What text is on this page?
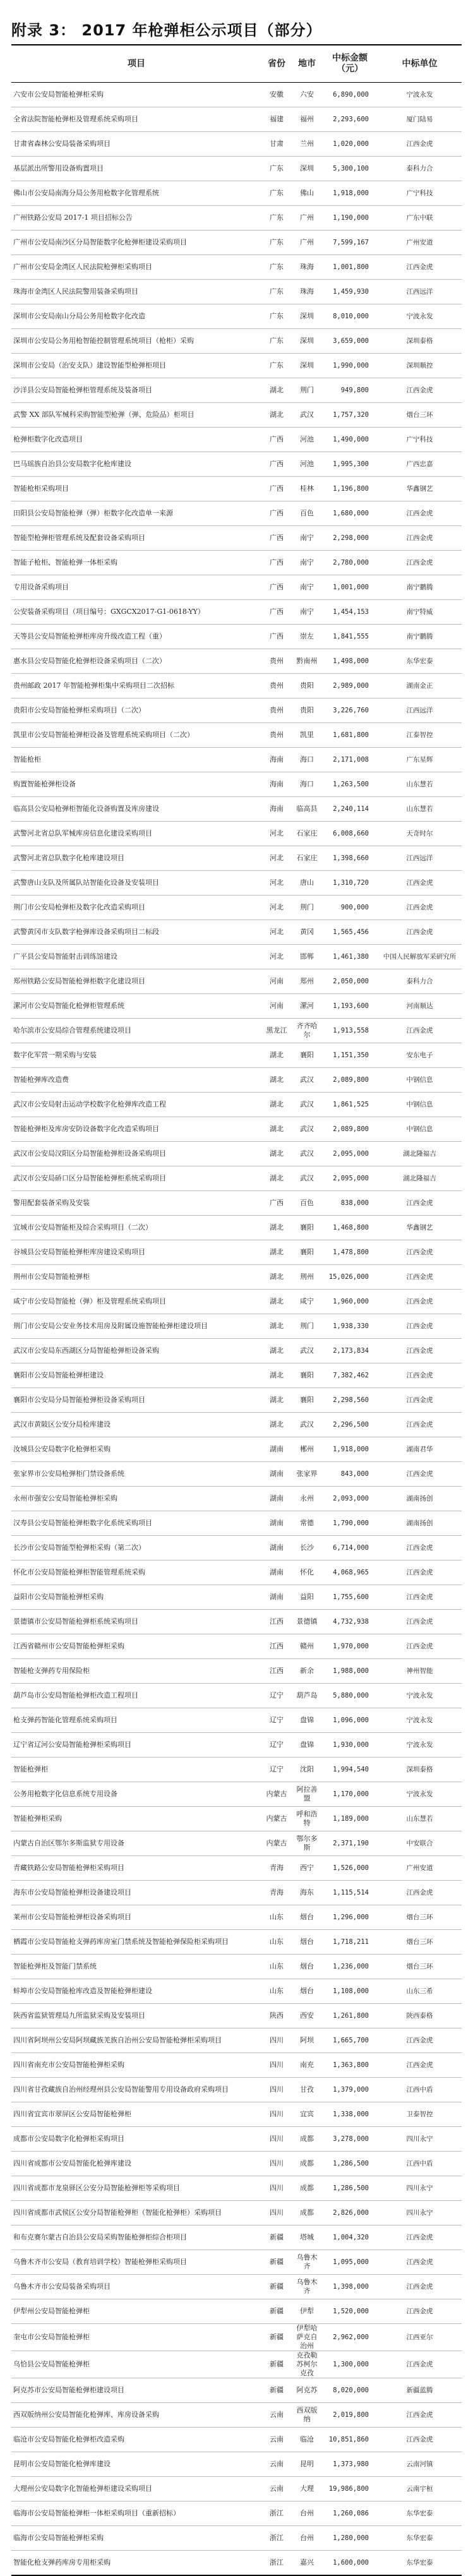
附录 3： 2017 年枪弹柜公示项目（部分）
项目	省份	地市	中标金额（元）	中标单位
六安市公安局智能枪弹柜采购	安徽	六安	6,890,000	宁波永发
全省法院智能枪弹柜及管理系统采购项目	福建	福州	2,293,600	厦门陆易
甘肃省森林公安局装备采购项目	甘肃	兰州	1,020,000	江西金虎
基层派出所警用设备购置项目	广东	深圳	5,300,100	泰科力合
佛山市公安局南海分局公务用枪数字化管理系统	广东	佛山	1,918,000	广宁科技
广州铁路公安局 2017-1 项目招标公告	广东	广州	1,190,000	广东中联
广州市公安局南沙区分局智能数字化枪弹柜建设采购项目	广东	广州	7,599,167	广州安道
广州市公安局金湾区人民法院枪弹柜采购项目	广东	珠海	1,001,800	江西金虎
珠海市金湾区人民法院警用装备采购项目	广东	珠海	1,459,930	江西远洋
深圳市公安局南山分局公务用枪数字化改造	广东	深圳	8,010,000	宁波永发
深圳市公安局公务用枪智能控制管理系统项目（枪柜）采购	广东	深圳	3,659,000	深圳泰格
深圳市公安局（治安支队）建设智能型枪弹柜项目	广东	深圳	1,990,000	深圳顺控
沙洋县公安局智能枪弹柜管理系统及装备项目	湖北	荆门	949,800	江西金虎
武警 XX 部队军械科采购智能型枪弹（弹、危险品）柜项目	湖北	武汉	1,757,320	烟台三环
枪弹柜数字化改造项目	广西	河池	1,490,000	广宁科技
巴马瑶族自治县公安局数字化枪库建设	广西	河池	1,995,300	广西忠嘉
智能枪柜采购项目	广西	桂林	1,196,800	华鑫钢艺
田阳县公安局智能枪弹（弹）柜数字化改造单一来源	广西	百色	1,680,000	江西金虎
智能型枪弹柜管理系统及配套设备采购项目	广西	南宁	2,298,000	江西金虎
智能子枪柜、智能枪弹一体柜采购	广西	南宁	2,780,000	江西金虎
专用设备采购项目	广西	南宁	1,001,000	南宁鹏腾
公安装备采购项目（项目编号：GXGCX2017-G1-0618-YY）	广西	南宁	1,454,153	南宁特威
天等县公安局智能枪弹柜库房升级改造工程（重）	广西	崇左	1,841,555	南宁鹏腾
惠水县公安局智能化枪弹柜设备采购项目（二次）	贵州	黔南州	1,498,000	东华宏泰
贵州邮政 2017 年智能枪弹柜集中采购项目二次招标	贵州	贵阳	2,989,000	湖南金正
贵阳市公安局智能枪弹柜采购项目（二次）	贵州	贵阳	3,226,760	江西远洋
凯里市公安局智能枪弹柜设备及管理系统采购项目（二次）	贵州	凯里	1,681,800	江泰智控
智能枪柜	海南	海口	2,171,008	广东星辉
购置智能枪弹柜设备	海南	海口	1,263,500	山东慧若
临高县公安局枪弹柜智能化设备购置及库房建设	海南	临高县	2,240,114	山东慧若
武警河北省总队军械库房信息化建设采购项目	河北	石家庄	6,008,660	天奇时尔
武警河北省总队数字化枪库建设项目	河北	石家庄	1,398,660	江西远洋
武警唐山支队及所属队站智能化设备及安装项目	河北	唐山	1,310,720	江西金虎
荆门市公安局枪弹柜及数字化改造采购项目	河北	荆门	900,000	江西金虎
武警黄冈市支队数字枪弹库设备采购项目二标段	河北	黄冈	1,565,456	江西金虎
广平县公安局智能射击训练馆建设	河北	邯郸	1,461,380	中国人民解放军采研究所
郑州铁路公安局智能枪弹柜数字化建设项目	河南	郑州	2,050,000	泰科力合
漯河市公安局智能化枪弹柜管理系统	河南	漯河	1,193,600	河南顺达
哈尔滨市公安局综合管理系统建设项目	黑龙江	齐齐哈尔	1,913,558	江西金虎
数字化军营一期采购与安装	湖北	襄阳	1,151,350	安东电子
智能枪弹库改造费	湖北	武汉	2,089,800	中钢信息
武汉市公安局射击运动学校数字化枪弹库改造工程	湖北	武汉	1,861,525	中钢信息
智能枪弹柜及库房安防设备数字化改造采购项目	湖北	武汉	2,089,800	中钢信息
武汉市公安局汉阳区分局智能枪弹柜设备采购项目	湖北	武汉	2,095,000	湖北隆福吉
武汉市公安局硚口区分局智能枪弹柜系统采购项目	湖北	武汉	2,095,000	湖北隆福吉
警用配套装备采购及安装	广西	百色	838,000	江西金虎
宜城市公安局智能柜及综合采购项目（二次）	湖北	襄阳	1,468,800	华鑫钢艺
谷城县公安局智能枪弹柜库房建设采购项目	湖北	襄阳	1,478,800	江西金虎
荆州市公安局智能枪弹柜	湖北	荆州	15,026,000	江西金虎
咸宁市公安局智能枪（弹）柜及管理系统采购项目	湖北	咸宁	1,960,000	江西金虎
荆门市公安局公安业务技术用房及附属设施智能枪弹柜建设项目	湖北	荆门	1,938,330	江西金虎
武汉市公安局东西湖区分局智能枪弹柜设备采购	湖北	武汉	2,173,834	江西金虎
襄阳市公安局智能枪弹柜建设	湖北	襄阳	7,382,462	江西金虎
襄阳市公安局分局智能枪弹柜设备采购项目	湖北	襄阳	2,298,560	江西金虎
武汉市黄陂区公安分局检库建设	湖北	武汉	2,296,500	江西金虎
汝城县公安局数字化枪弹柜采购	湖南	郴州	1,918,000	湖南君华
张家界市公安局枪弹柜门禁设备系统	湖南	张家界	843,000	江西金虎
永州市强安公安局智能枪弹柜采购	湖南	永州	2,093,000	湖南扬创
汉寿县公安局智能枪弹柜数字化系统采购项目	湖南	常德	1,790,000	湖南扬创
长沙市公安局智能型枪弹柜采购（第二次）	湖南	长沙	6,714,000	江西金虎
怀化市公安局智能枪弹柜智能管理系统采购	湖南	怀化	4,068,965	江西金虎
益阳市公安局智能枪弹柜采购	湖南	益阳	1,755,600	江西金虎
景德镇市公安局智能枪弹柜系统采购项目	江西	景德镇	4,732,938	江西金虎
江西省赣州市公安局智能枪弹柜采购	江西	赣州	1,970,000	江西金虎
智能枪支弹药专用保险柜	江西	新余	1,988,000	神州智能
葫芦岛市公安局智能枪弹柜改造工程项目	辽宁	葫芦岛	5,880,000	宁波永发
枪支弹药智能化管理系统采购项目	辽宁	盘锦	1,096,000	宁波永发
辽宁省辽河公安局智能枪弹柜采购项目	辽宁	盘锦	1,930,000	宁波永发
智能枪弹柜	辽宁	沈阳	1,994,540	深圳泰格
公务用枪数字化信息系统专用设备	内蒙古	阿拉善盟	1,170,000	宁波永发
智能枪弹柜采购	内蒙古	呼和浩特	1,189,000	山东慧若
内蒙古自治区鄂尔多斯监狱专用设备	内蒙古	鄂尔多斯	2,371,190	中安联合
青藏铁路公安局智能枪弹柜采购项目	青海	西宁	1,526,000	广州安道
海东市公安局智能枪弹柜设备建设项目	青海	海东	1,115,514	江西金虎
莱州市公安局智能枪弹柜设备采购项目	山东	烟台	1,296,000	烟台三环
栖霞市公安局智能枪支弹药库房室门禁系统及智能枪弹保险柜采购项目	山东	烟台	1,718,211	烟台三环
智能枪弹柜及智能门禁系统	山东	烟台	1,236,000	烟台三环
蚌埠市公安局智能枪库改造及智能枪弹柜建设	山东	烟台	1,108,000	山东三希
陕西省监狱管理局九所监狱采购及安装项目	陕西	西安	1,261,800	陕西泰格
四川省阿坝州公安局阿坝藏族羌族自治州公安局智能枪弹柜采购项目	四川	阿坝	1,665,700	江西金虎
四川省南充市公安局智能枪弹柜采购	四川	南充	1,363,800	江西金虎
四川省甘孜藏族自治州经理州县公安局智能警用专用设备政府采购项目	四川	甘孜	1,379,000	江西中盾
四川省宜宾市翠屏区公安局智能枪弹柜	四川	宜宾	1,338,000	卫泰智控
成都市公安局数字化枪弹柜采购项目	四川	成都	3,278,000	四川永宁
四川省成都市公安局智能化枪弹库建设	四川	成都	1,286,500	江西中盾
四川省成都市龙泉驿区公安分局智能枪弹柜等采购项目	四川	成都	1,286,500	四川永宁
四川省成都市武侯区公安分局智能枪弹柜（智能化枪弹柜）采购项目	四川	成都	2,826,000	四川永宁
和布克赛尔蒙古自治县公安局采购智能枪弹柜综合柜项目	新疆	塔城	1,004,320	江西金虎
乌鲁木齐市公安局（教育培训学校）智能枪弹柜采购项目	新疆	乌鲁木齐	1,095,000	江西金虎
乌鲁木齐市公安局装备采购项目	新疆	乌鲁木齐	1,398,000	江西金虎
伊犁州公安局智能枪弹柜	新疆	伊犁	1,520,000	江西金虎
奎屯市公安局智能枪弹柜	新疆	伊犁哈萨克自治州	2,962,000	江西亚尔
乌恰县公安局智能枪弹柜	新疆	克孜勒苏柯尔克孜	1,300,000	江西金虎
阿克苏市公安局智能枪弹柜建设项目	新疆	阿克苏	8,020,000	新疆蓝腾
西双版纳州公安局智能化枪弹库、库房设备采购	云南	西双版纳	2,019,800	江西金虎
临沧市公安局智能化枪弹柜改造采购	云南	临沧	10,851,860	江西金虎
昆明市公安局智能化枪弹库建设	云南	昆明	1,373,980	云南河镇
大理州公安局数字化智能枪弹柜建设采购项目	云南	大理	19,986,800	云南宇桓
临海市公安局智能枪弹柜一体柜采购项目（重新招标）	浙江	台州	1,260,086	东华宏泰
临海市公安局智能枪弹柜采购	浙江	台州	1,280,000	东华宏泰
智能化枪支弹药库房专用柜采购	浙江	嘉兴	1,600,000	东华宏泰
